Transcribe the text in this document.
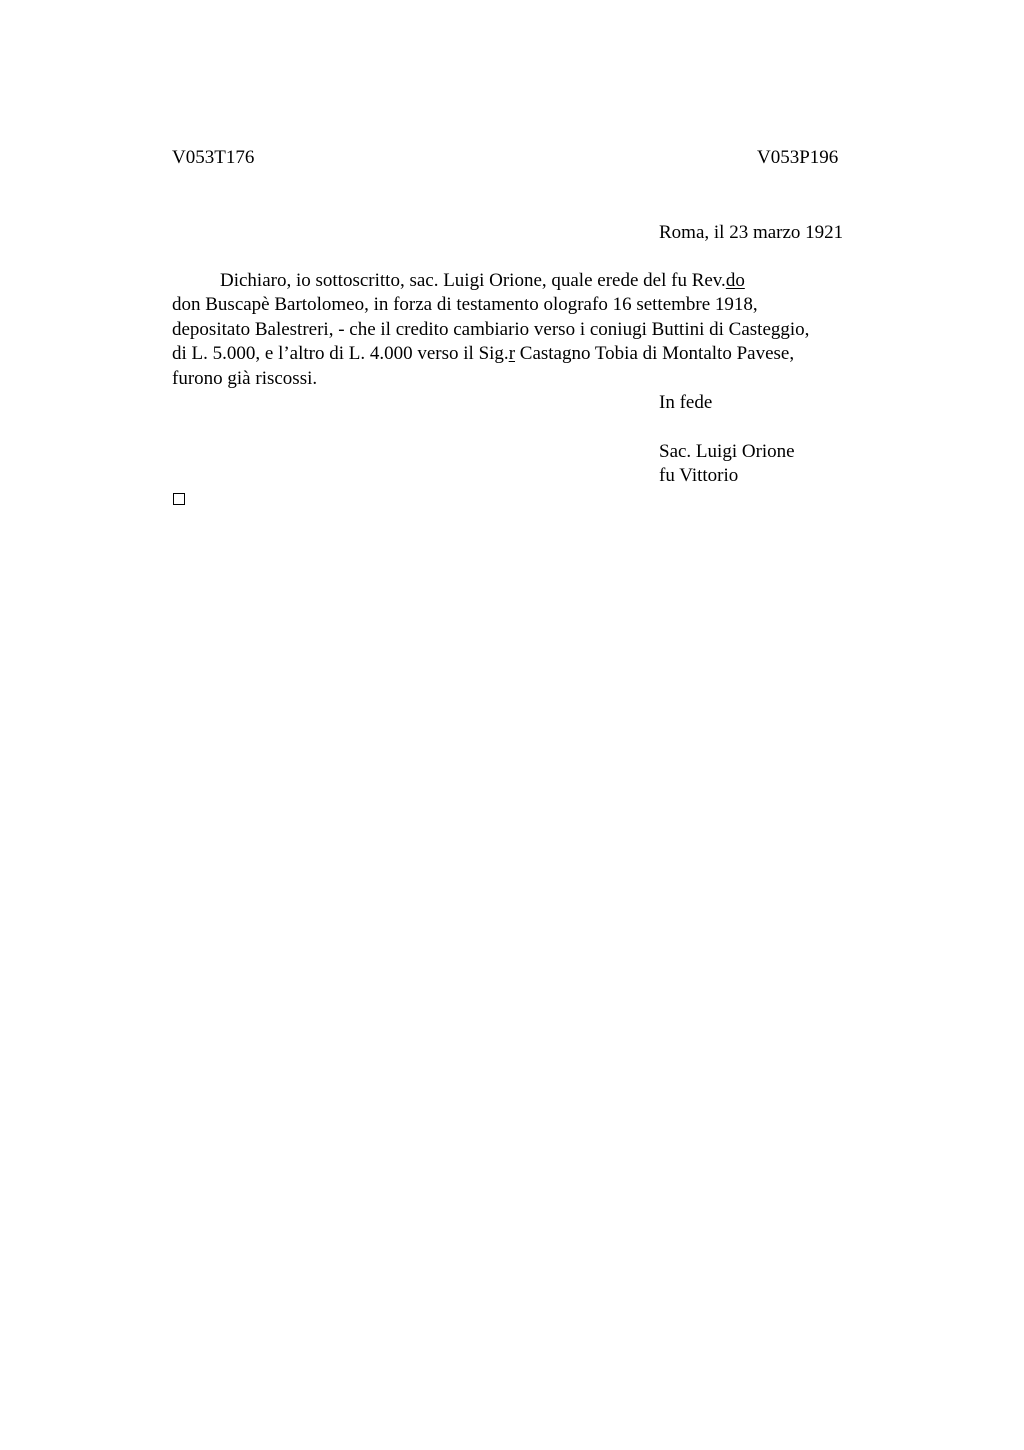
V053T176	V053P196
Roma, il 23 marzo 1921
Dichiaro, io sottoscritto, sac. Luigi Orione, quale erede del fu Rev.do
don Buscapè Bartolomeo, in forza di testamento olografo 16 settembre 1918,
depositato Balestreri, - che il credito cambiario verso i coniugi Buttini di Casteggio,
di L. 5.000, e l’altro di L. 4.000 verso il Sig.r Castagno Tobia di Montalto Pavese,
furono già riscossi.
In fede
Sac. Luigi Orione
fu Vittorio
